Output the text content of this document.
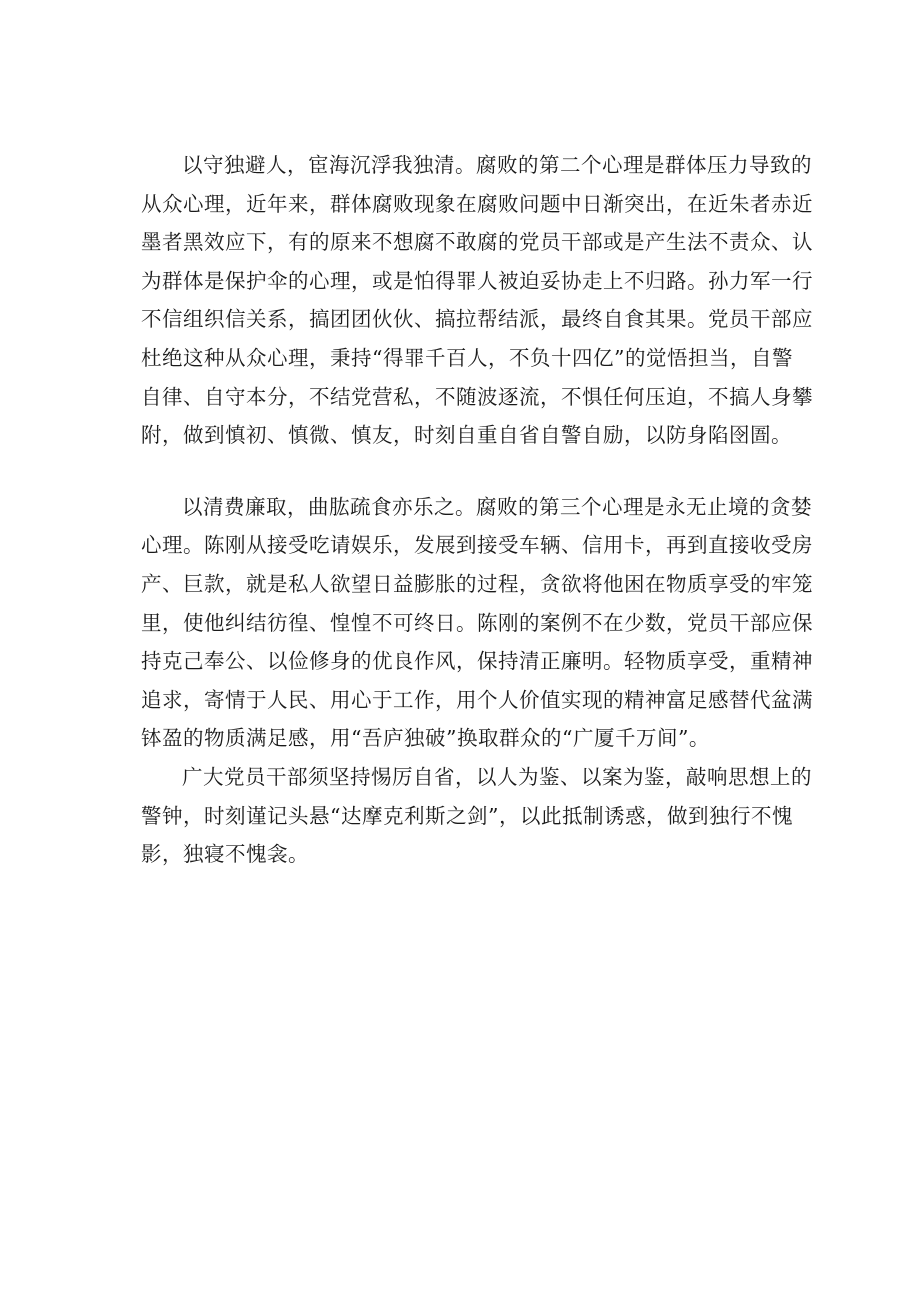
以守独避人，宦海沉浮我独清。腐败的第二个心理是群体压力导致的
从众心理，近年来，群体腐败现象在腐败问题中日渐突出，在近朱者赤近
墨者黑效应下，有的原来不想腐不敢腐的党员干部或是产生法不责众、认
为群体是保护伞的心理，或是怕得罪人被迫妥协走上不归路。孙力军一行
不信组织信关系，搞团团伙伙、搞拉帮结派，最终自食其果。党员干部应
杜绝这种从众心理，秉持“得罪千百人，不负十四亿”的觉悟担当，自警
自律、自守本分，不结党营私，不随波逐流，不惧任何压迫，不搞人身攀
附，做到慎初、慎微、慎友，时刻自重自省自警自励，以防身陷囹圄。

以清费廉取，曲肱疏食亦乐之。腐败的第三个心理是永无止境的贪婪
心理。陈刚从接受吃请娱乐，发展到接受车辆、信用卡，再到直接收受房
产、巨款，就是私人欲望日益膨胀的过程，贪欲将他困在物质享受的牢笼
里，使他纠结彷徨、惶惶不可终日。陈刚的案例不在少数，党员干部应保
持克己奉公、以俭修身的优良作风，保持清正廉明。轻物质享受，重精神
追求，寄情于人民、用心于工作，用个人价值实现的精神富足感替代盆满
钵盈的物质满足感，用“吾庐独破”换取群众的“广厦千万间”。

广大党员干部须坚持惕厉自省，以人为鉴、以案为鉴，敲响思想上的
警钟，时刻谨记头悬“达摩克利斯之剑”，以此抵制诱惑，做到独行不愧
影，独寝不愧衾。
